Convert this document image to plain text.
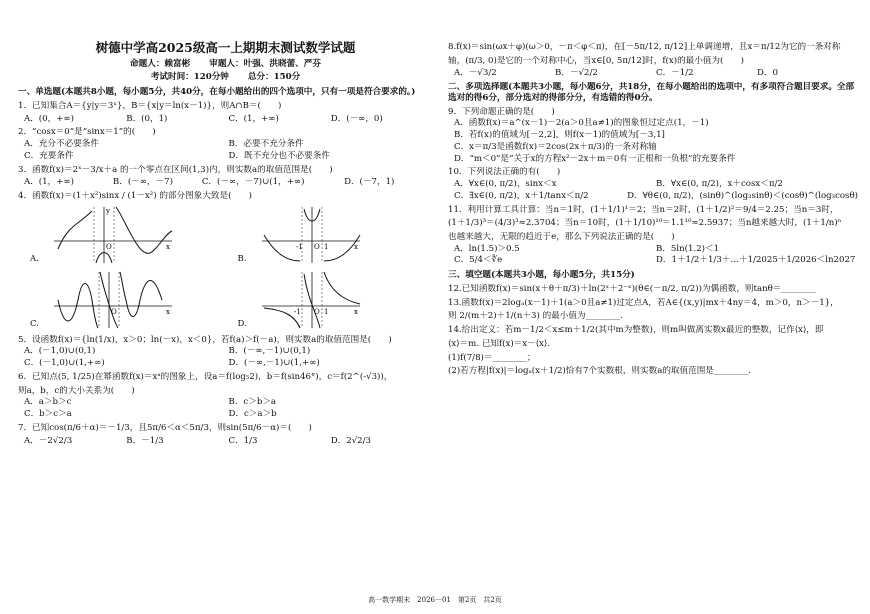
树德中学高2025级高一上期期末测试数学试题
命题人：赖富彬 审题人：叶强、洪晓蕾、严芬
考试时间：120分钟 总分：150分
一、单选题(本题共8小题，每小题5分，共40分，在每小题给出的四个选项中，只有一项是符合要求的。)
1．已知集合A＝{y|y＝3ˣ}，B＝{x|y＝ln(x－1)}，则A∩B＝(　　)
A．(0，+∞)	B．(0，1)	C．(1，+∞)	D．(－∞，0)
2．“cosx＝0”是“sinx＝1”的(　　)
A．充分不必要条件	B．必要不充分条件
C．充要条件	D．既不充分也不必要条件
3．函数f(x)＝2ˣ－3/x＋a 的一个零点在区间(1,3)内，则实数a的取值范围是(　　)
A．(1，+∞)	B．(－∞，－7)	C．(－∞，－7)∪(1，+∞)	D．(－7，1)
4．函数f(x)＝(1＋x²)sinx / (1－x²) 的部分图象大致是(　　)
O	x
y
A.
-1 O 1	x
B.
O	x
C.
-1 O 1	x
D.
5．设函数f(x)＝{ln(1/x)，x＞0；ln(－x)，x＜0}，若f(a)＞f(－a)，则实数a的取值范围是(　　)
A．(－1,0)∪(0,1)	B．(－∞,－1)∪(0,1)
C．(－1,0)∪(1,+∞)	D．(－∞,－1)∪(1,+∞)
6．已知点(5, 1/25)在幂函数f(x)＝xᵃ的图象上，设a＝f(log₅2)，b＝f(sin46°)，c＝f(2^(-√3))，
则a，b，c的大小关系为(　　)
A．a＞b＞c	B．c＞b＞a
C．b＞c＞a	D．c＞a＞b
7．已知cos(π/6＋α)＝－1/3，且5π/6＜α＜5π/3，则sin(5π/6－α)＝(　　)
A．－2√2/3	B．－1/3	C．1/3	D．2√2/3
8.f(x)＝sin(ωx＋φ)(ω＞0，－π＜φ＜π)，在[－5π/12, π/12]上单调递增，且x＝π/12为它的一条对称
轴，(π/3, 0)是它的一个对称中心，当x∈[0, 5π/12]时，f(x)的最小值为(　　)
A．－√3/2	B．－√2/2	C．－1/2	D．0
二、多项选择题(本题共3小题，每小题6分，共18分，在每小题给出的选项中，有多项符合题目要求。全部选对的得6分，部分选对的得部分分，有选错的得0分。
9．下列命题正确的是(　　)
A．函数f(x)＝a^(x－1)－2(a＞0且a≠1)的图象恒过定点(1，－1)
B．若f(x)的值域为[－2,2]，则f(x－1)的值域为[－3,1]
C．x＝π/3是函数f(x)＝2cos(2x＋π/3)的一条对称轴
D．“m＜0”是“关于x的方程x²－2x＋m＝0有一正根和一负根”的充要条件
10．下列说法正确的有(　　)
A．∀x∈(0, π/2)，sinx＜x	B．∀x∈(0, π/2)，x＋cosx＜π/2
C．∃x∈(0, π/2)，x＋1/tanx＜π/2	D．∀θ∈(0, π/2)，(sinθ)^(log₃sinθ)＜(cosθ)^(log₃cosθ)
11．利用计算工具计算：当n＝1时，(1＋1/1)¹＝2；当n＝2时，(1＋1/2)²＝9/4＝2.25；当n＝3时，
(1＋1/3)³＝(4/3)³≈2.3704；当n＝10时，(1＋1/10)¹⁰＝1.1¹⁰≈2.5937；当n越来越大时，(1＋1/n)ⁿ
也越来越大，无限的趋近于e，那么下列说法正确的是(　　)
A．ln(1.5)＞0.5	B．5ln(1.2)＜1
C．5/4＜∜e	D．1＋1/2＋1/3＋…＋1/2025＋1/2026＜ln2027
三、填空题(本题共3小题，每小题5分，共15分)
12.已知函数f(x)＝sin(x＋θ＋π/3)＋ln(2ˣ＋2⁻ˣ)(θ∈(－π/2, π/2))为偶函数，则tanθ＝________
13.函数f(x)＝2logₐ(x－1)＋1(a＞0且a≠1)过定点A，若A∈{(x,y)|mx＋4ny＝4，m＞0，n＞－1}，
则 2/(m＋2)＋1/(n＋3) 的最小值为________.
14.给出定义：若m－1/2＜x≤m＋1/2(其中m为整数)，则m叫做离实数x最近的整数，记作⟨x⟩，即
⟨x⟩＝m. 已知f(x)＝x－⟨x⟩.
(1)f(7/8)＝________；
(2)若方程|f(x)|＝logₐ(x＋1/2)恰有7个实数根，则实数a的取值范围是________.
高一数学期末　2026－01　第2页　共2页
